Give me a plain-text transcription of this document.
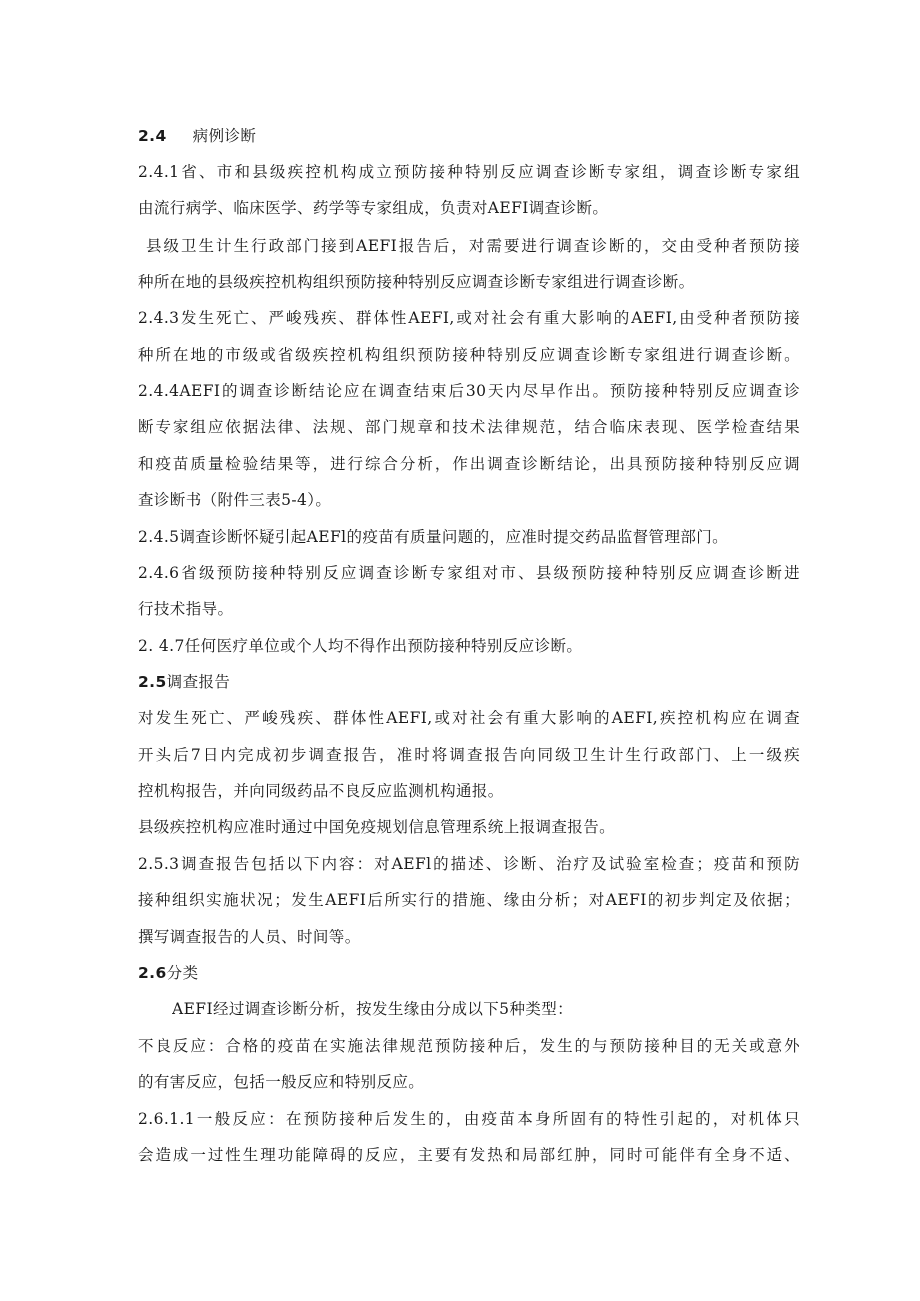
2.4 病例诊断
2.4.1省、市和县级疾控机构成立预防接种特别反应调查诊断专家组，调查诊断专家组
由流行病学、临床医学、药学等专家组成，负责对AEFI调查诊断。
县级卫生计生行政部门接到AEFI报告后，对需要进行调查诊断的，交由受种者预防接
种所在地的县级疾控机构组织预防接种特别反应调查诊断专家组进行调查诊断。
2.4.3发生死亡、严峻残疾、群体性AEFI,或对社会有重大影响的AEFI,由受种者预防接
种所在地的市级或省级疾控机构组织预防接种特别反应调查诊断专家组进行调查诊断。
2.4.4AEFI的调查诊断结论应在调查结束后30天内尽早作出。预防接种特别反应调查诊
断专家组应依据法律、法规、部门规章和技术法律规范，结合临床表现、医学检查结果
和疫苗质量检验结果等，进行综合分析，作出调查诊断结论，出具预防接种特别反应调
查诊断书（附件三表5-4）。
2.4.5调查诊断怀疑引起AEFl的疫苗有质量问题的，应准时提交药品监督管理部门。
2.4.6省级预防接种特别反应调查诊断专家组对市、县级预防接种特别反应调查诊断进
行技术指导。
2. 4.7任何医疗单位或个人均不得作出预防接种特别反应诊断。
2.5调查报告
对发生死亡、严峻残疾、群体性AEFI,或对社会有重大影响的AEFI,疾控机构应在调查
开头后7日内完成初步调查报告，准时将调查报告向同级卫生计生行政部门、上一级疾
控机构报告，并向同级药品不良反应监测机构通报。
县级疾控机构应准时通过中国免疫规划信息管理系统上报调查报告。
2.5.3调查报告包括以下内容：对AEFl的描述、诊断、治疗及试验室检查；疫苗和预防
接种组织实施状况；发生AEFI后所实行的措施、缘由分析；对AEFI的初步判定及依据；
撰写调查报告的人员、时间等。
2.6分类
AEFI经过调查诊断分析，按发生缘由分成以下5种类型：
不良反应：合格的疫苗在实施法律规范预防接种后，发生的与预防接种目的无关或意外
的有害反应，包括一般反应和特别反应。
2.6.1.1一般反应：在预防接种后发生的，由疫苗本身所固有的特性引起的，对机体只
会造成一过性生理功能障碍的反应，主要有发热和局部红肿，同时可能伴有全身不适、
